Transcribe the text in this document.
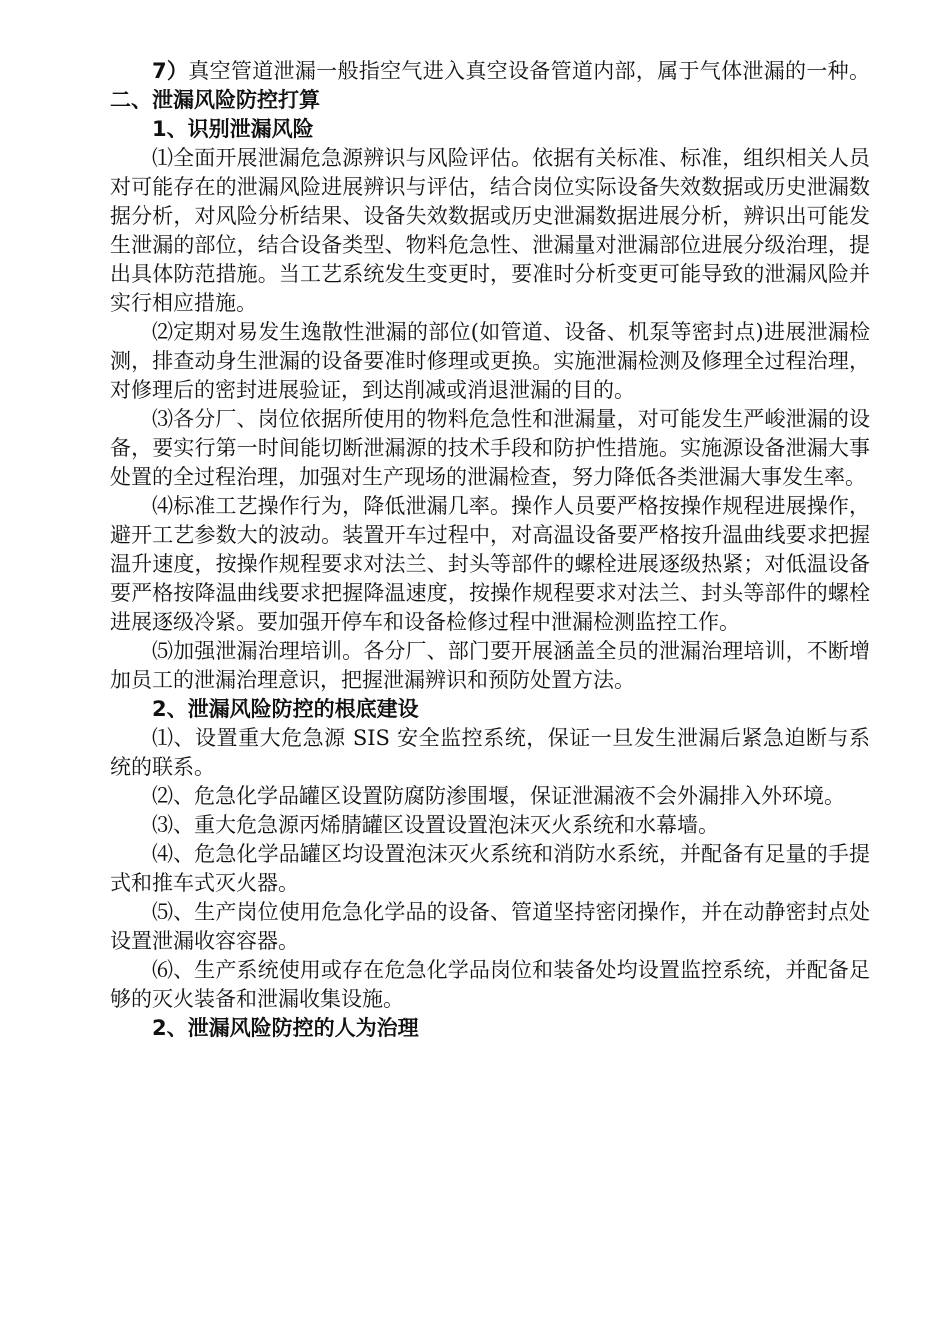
7）真空管道泄漏一般指空气进入真空设备管道内部，属于气体泄漏的一种。二、泄漏风险防控打算

1、识别泄漏风险

⑴全面开展泄漏危急源辨识与风险评估。依据有关标准、标准，组织相关人员对可能存在的泄漏风险进展辨识与评估，结合岗位实际设备失效数据或历史泄漏数据分析，对风险分析结果、设备失效数据或历史泄漏数据进展分析，辨识出可能发生泄漏的部位，结合设备类型、物料危急性、泄漏量对泄漏部位进展分级治理，提出具体防范措施。当工艺系统发生变更时，要准时分析变更可能导致的泄漏风险并实行相应措施。

⑵定期对易发生逸散性泄漏的部位(如管道、设备、机泵等密封点)进展泄漏检测，排查动身生泄漏的设备要准时修理或更换。实施泄漏检测及修理全过程治理，对修理后的密封进展验证，到达削减或消退泄漏的目的。

⑶各分厂、岗位依据所使用的物料危急性和泄漏量，对可能发生严峻泄漏的设备，要实行第一时间能切断泄漏源的技术手段和防护性措施。实施源设备泄漏大事处置的全过程治理，加强对生产现场的泄漏检查，努力降低各类泄漏大事发生率。

⑷标准工艺操作行为，降低泄漏几率。操作人员要严格按操作规程进展操作，避开工艺参数大的波动。装置开车过程中，对高温设备要严格按升温曲线要求把握温升速度，按操作规程要求对法兰、封头等部件的螺栓进展逐级热紧；对低温设备要严格按降温曲线要求把握降温速度，按操作规程要求对法兰、封头等部件的螺栓进展逐级冷紧。要加强开停车和设备检修过程中泄漏检测监控工作。

⑸加强泄漏治理培训。各分厂、部门要开展涵盖全员的泄漏治理培训，不断增加员工的泄漏治理意识，把握泄漏辨识和预防处置方法。

2、泄漏风险防控的根底建设

⑴、设置重大危急源 SIS 安全监控系统，保证一旦发生泄漏后紧急迫断与系统的联系。

⑵、危急化学品罐区设置防腐防渗围堰，保证泄漏液不会外漏排入外环境。

⑶、重大危急源丙烯腈罐区设置设置泡沫灭火系统和水幕墙。

⑷、危急化学品罐区均设置泡沫灭火系统和消防水系统，并配备有足量的手提式和推车式灭火器。

⑸、生产岗位使用危急化学品的设备、管道坚持密闭操作，并在动静密封点处设置泄漏收容容器。

⑹、生产系统使用或存在危急化学品岗位和装备处均设置监控系统，并配备足够的灭火装备和泄漏收集设施。

2、泄漏风险防控的人为治理
